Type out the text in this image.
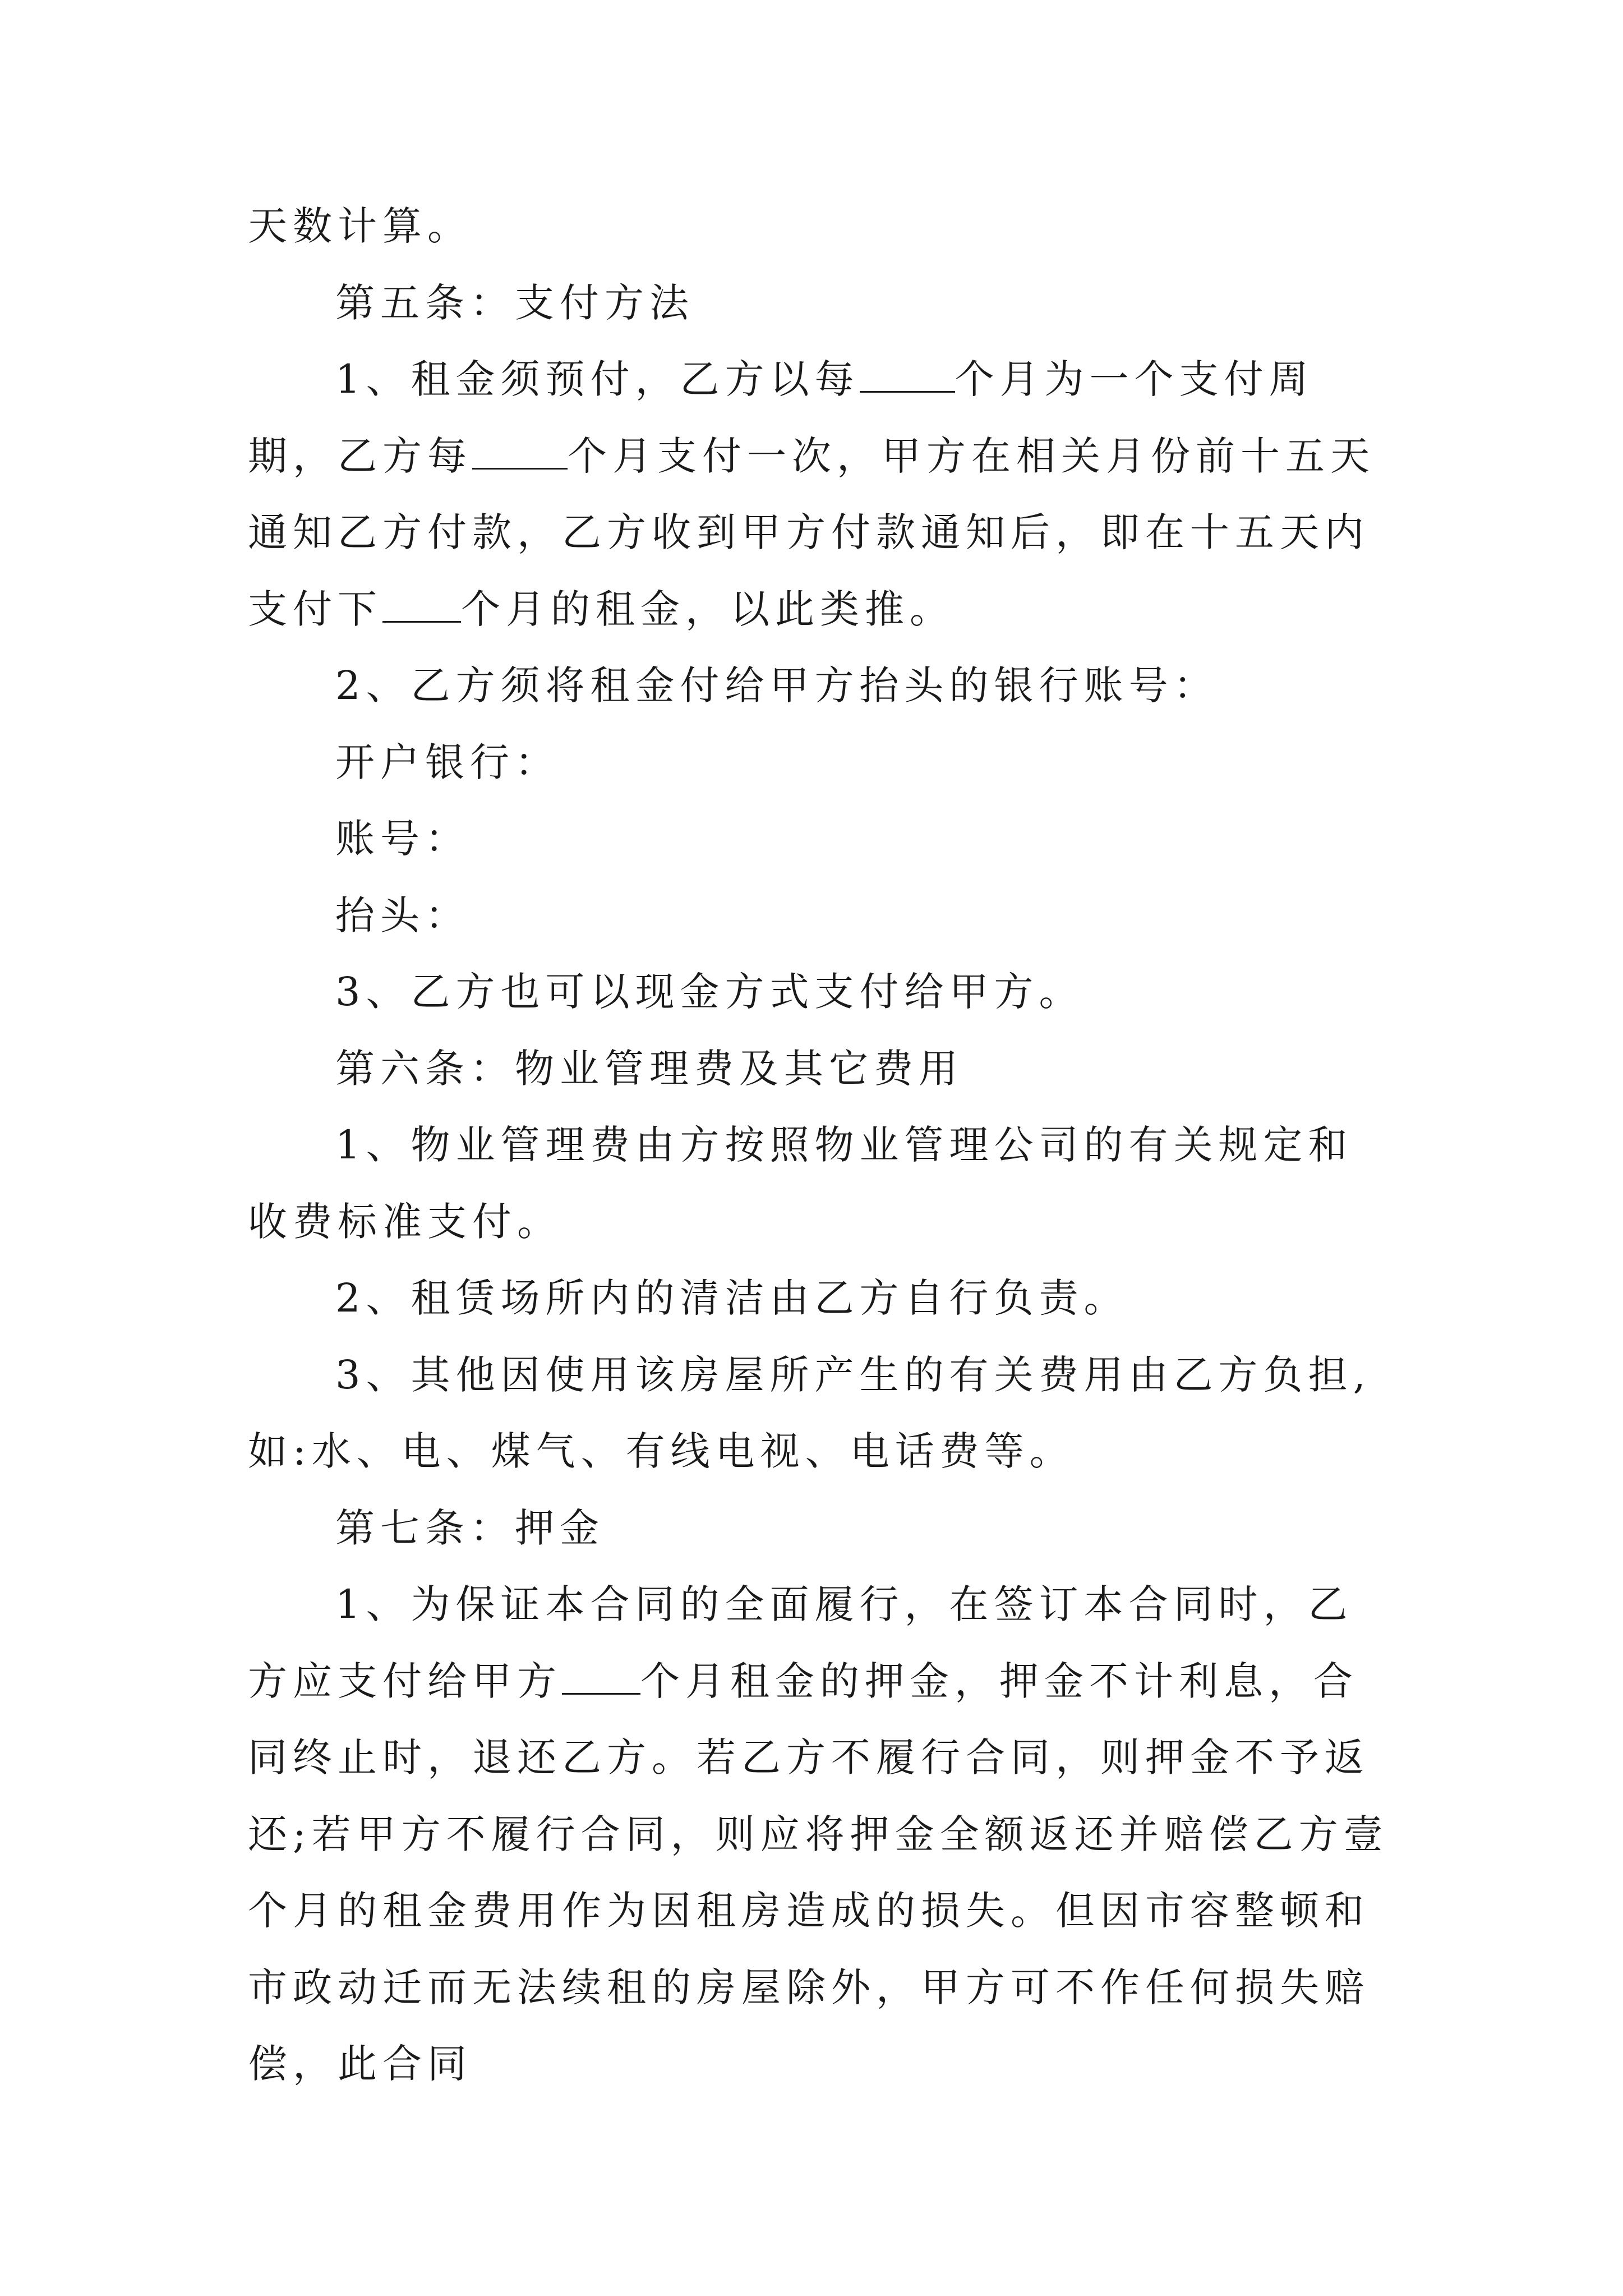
天数计算。

第五条：支付方法

1、租金须预付，乙方以每 个月为一个支付周期，乙方每 个月支付一次，甲方在相关月份前十五天通知乙方付款，乙方收到甲方付款通知后，即在十五天内支付下 个月的租金，以此类推。

2、乙方须将租金付给甲方抬头的银行账号：

开户银行：

账号：

抬头：

3、乙方也可以现金方式支付给甲方。

第六条：物业管理费及其它费用

1、物业管理费由方按照物业管理公司的有关规定和收费标准支付。

2、租赁场所内的清洁由乙方自行负责。

3、其他因使用该房屋所产生的有关费用由乙方负担,如:水、电、煤气、有线电视、电话费等。

第七条：押金

1、为保证本合同的全面履行，在签订本合同时，乙方应支付给甲方 个月租金的押金，押金不计利息，合同终止时，退还乙方。若乙方不履行合同，则押金不予返还;若甲方不履行合同，则应将押金全额返还并赔偿乙方壹个月的租金费用作为因租房造成的损失。但因市容整顿和市政动迁而无法续租的房屋除外，甲方可不作任何损失赔偿，此合同
